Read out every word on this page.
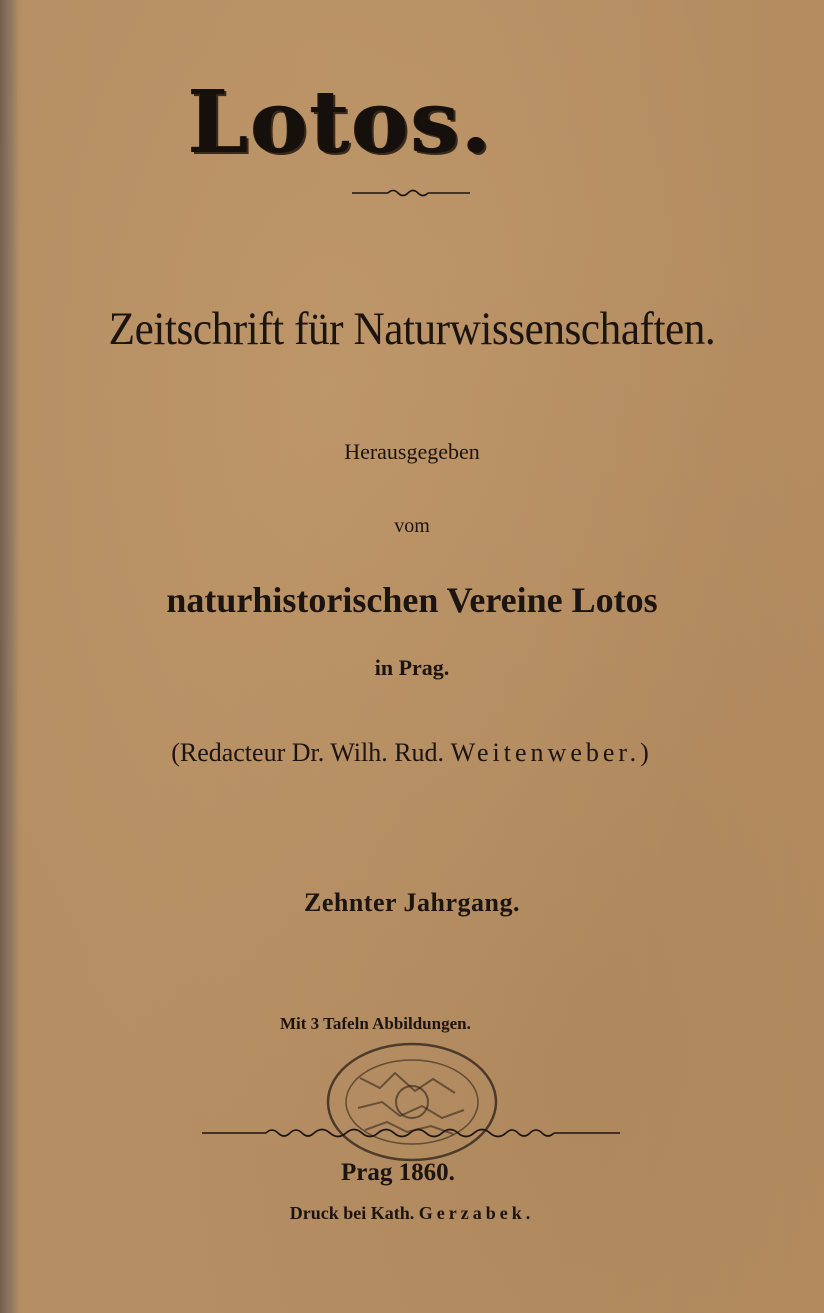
Lotos.
Zeitschrift für Naturwissenschaften.
Herausgegeben
vom
naturhistorischen Vereine Lotos
in Prag.
(Redacteur Dr. Wilh. Rud. Weitenweber.)
Zehnter Jahrgang.
Mit 3 Tafeln Abbildungen.
Prag 1860.
Druck bei Kath. Gerzabek.
